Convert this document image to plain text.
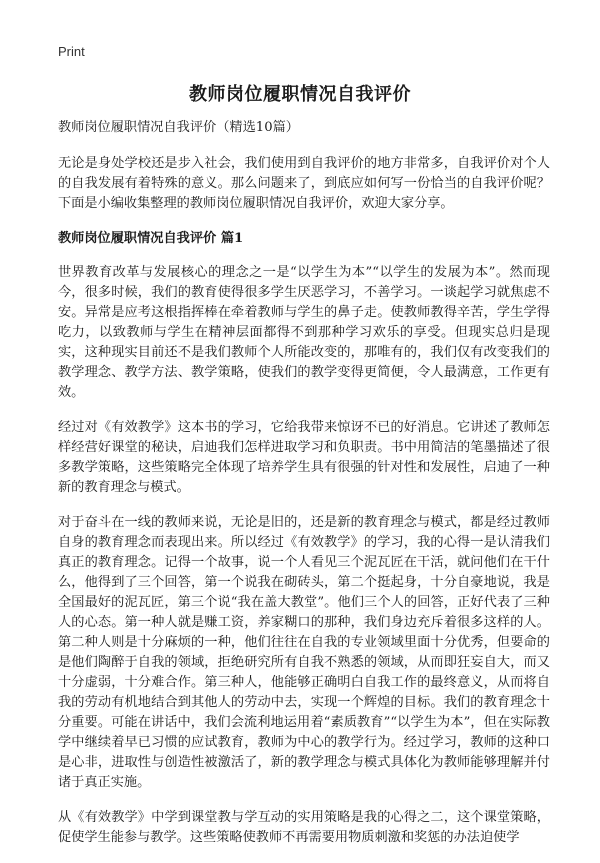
Print
教师岗位履职情况自我评价

教师岗位履职情况自我评价（精选10篇）

无论是身处学校还是步入社会，我们使用到自我评价的地方非常多，自我评价对个人的自我发展有着特殊的意义。那么问题来了，到底应如何写一份恰当的自我评价呢？下面是小编收集整理的教师岗位履职情况自我评价，欢迎大家分享。

教师岗位履职情况自我评价 篇1

世界教育改革与发展核心的理念之一是“以学生为本”“以学生的发展为本”。然而现今，很多时候，我们的教育使得很多学生厌恶学习，不善学习。一谈起学习就焦虑不安。异常是应考这根指挥棒在牵着教师与学生的鼻子走。使教师教得辛苦，学生学得吃力，以致教师与学生在精神层面都得不到那种学习欢乐的享受。但现实总归是现实，这种现实目前还不是我们教师个人所能改变的，那唯有的，我们仅有改变我们的教学理念、教学方法、教学策略，使我们的教学变得更简便，令人最满意，工作更有效。

经过对《有效教学》这本书的学习，它给我带来惊讶不已的好消息。它讲述了教师怎样经营好课堂的秘诀，启迪我们怎样进取学习和负职责。书中用简洁的笔墨描述了很多教学策略，这些策略完全体现了培养学生具有很强的针对性和发展性，启迪了一种新的教育理念与模式。

对于奋斗在一线的教师来说，无论是旧的，还是新的教育理念与模式，都是经过教师自身的教育理念而表现出来。所以经过《有效教学》的学习，我的心得一是认清我们真正的教育理念。记得一个故事，说一个人看见三个泥瓦匠在干活，就问他们在干什么，他得到了三个回答，第一个说我在砌砖头，第二个挺起身，十分自豪地说，我是全国最好的泥瓦匠，第三个说“我在盖大教堂”。他们三个人的回答，正好代表了三种人的心态。第一种人就是赚工资，养家糊口的那种，我们身边充斥着很多这样的人。第二种人则是十分麻烦的一种，他们往往在自我的专业领域里面十分优秀，但要命的是他们陶醉于自我的领域，拒绝研究所有自我不熟悉的领域，从而即狂妄自大，而又十分虚弱，十分难合作。第三种人，他能够正确明白自我工作的最终意义，从而将自我的劳动有机地结合到其他人的劳动中去，实现一个辉煌的目标。我们的教育理念十分重要。可能在讲话中，我们会流利地运用着“素质教育”“以学生为本”，但在实际教学中继续着早已习惯的应试教育，教师为中心的教学行为。经过学习，教师的这种口是心非，进取性与创造性被激活了，新的教学理念与模式具体化为教师能够理解并付诸于真正实施。

从《有效教学》中学到课堂教与学互动的实用策略是我的心得之二，这个课堂策略，促使学生能参与教学。这些策略使教师不再需要用物质刺激和奖惩的办法迫使学
